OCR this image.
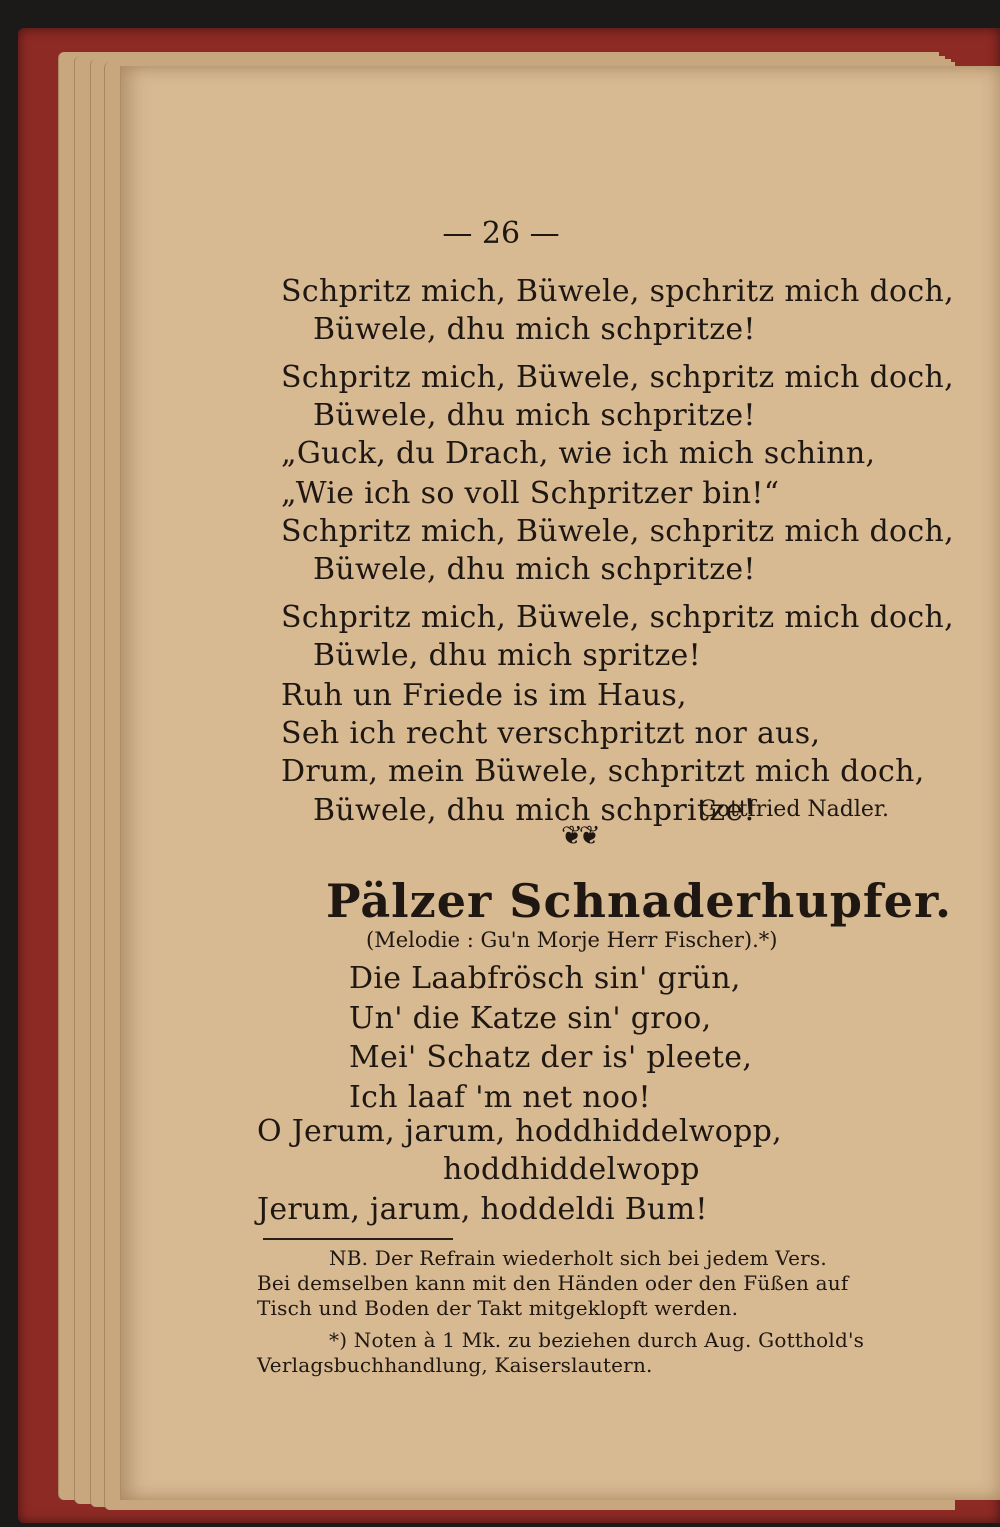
— 26 —
Schpritz mich, Büwele, spchritz mich doch,
Büwele, dhu mich schpritze!
Schpritz mich, Büwele, schpritz mich doch,
Büwele, dhu mich schpritze!
„Guck, du Drach, wie ich mich schinn,
„Wie ich so voll Schpritzer bin!“
Schpritz mich, Büwele, schpritz mich doch,
Büwele, dhu mich schpritze!
Schpritz mich, Büwele, schpritz mich doch,
Büwle, dhu mich spritze!
Ruh un Friede is im Haus,
Seh ich recht verschpritzt nor aus,
Drum, mein Büwele, schpritzt mich doch,
Büwele, dhu mich schpritze!
Gottfried Nadler.
❦❦
Pälzer Schnaderhupfer.
(Melodie : Gu'n Morje Herr Fischer).*)
Die Laabfrösch sin' grün,
Un' die Katze sin' groo,
Mei' Schatz der is' pleete,
Ich laaf 'm net noo!
O Jerum, jarum, hoddhiddelwopp,
hoddhiddelwopp
Jerum, jarum, hoddeldi Bum!
NB. Der Refrain wiederholt sich bei jedem Vers.
Bei demselben kann mit den Händen oder den Füßen auf
Tisch und Boden der Takt mitgeklopft werden.
*) Noten à 1 Mk. zu beziehen durch Aug. Gotthold's
Verlagsbuchhandlung, Kaiserslautern.
